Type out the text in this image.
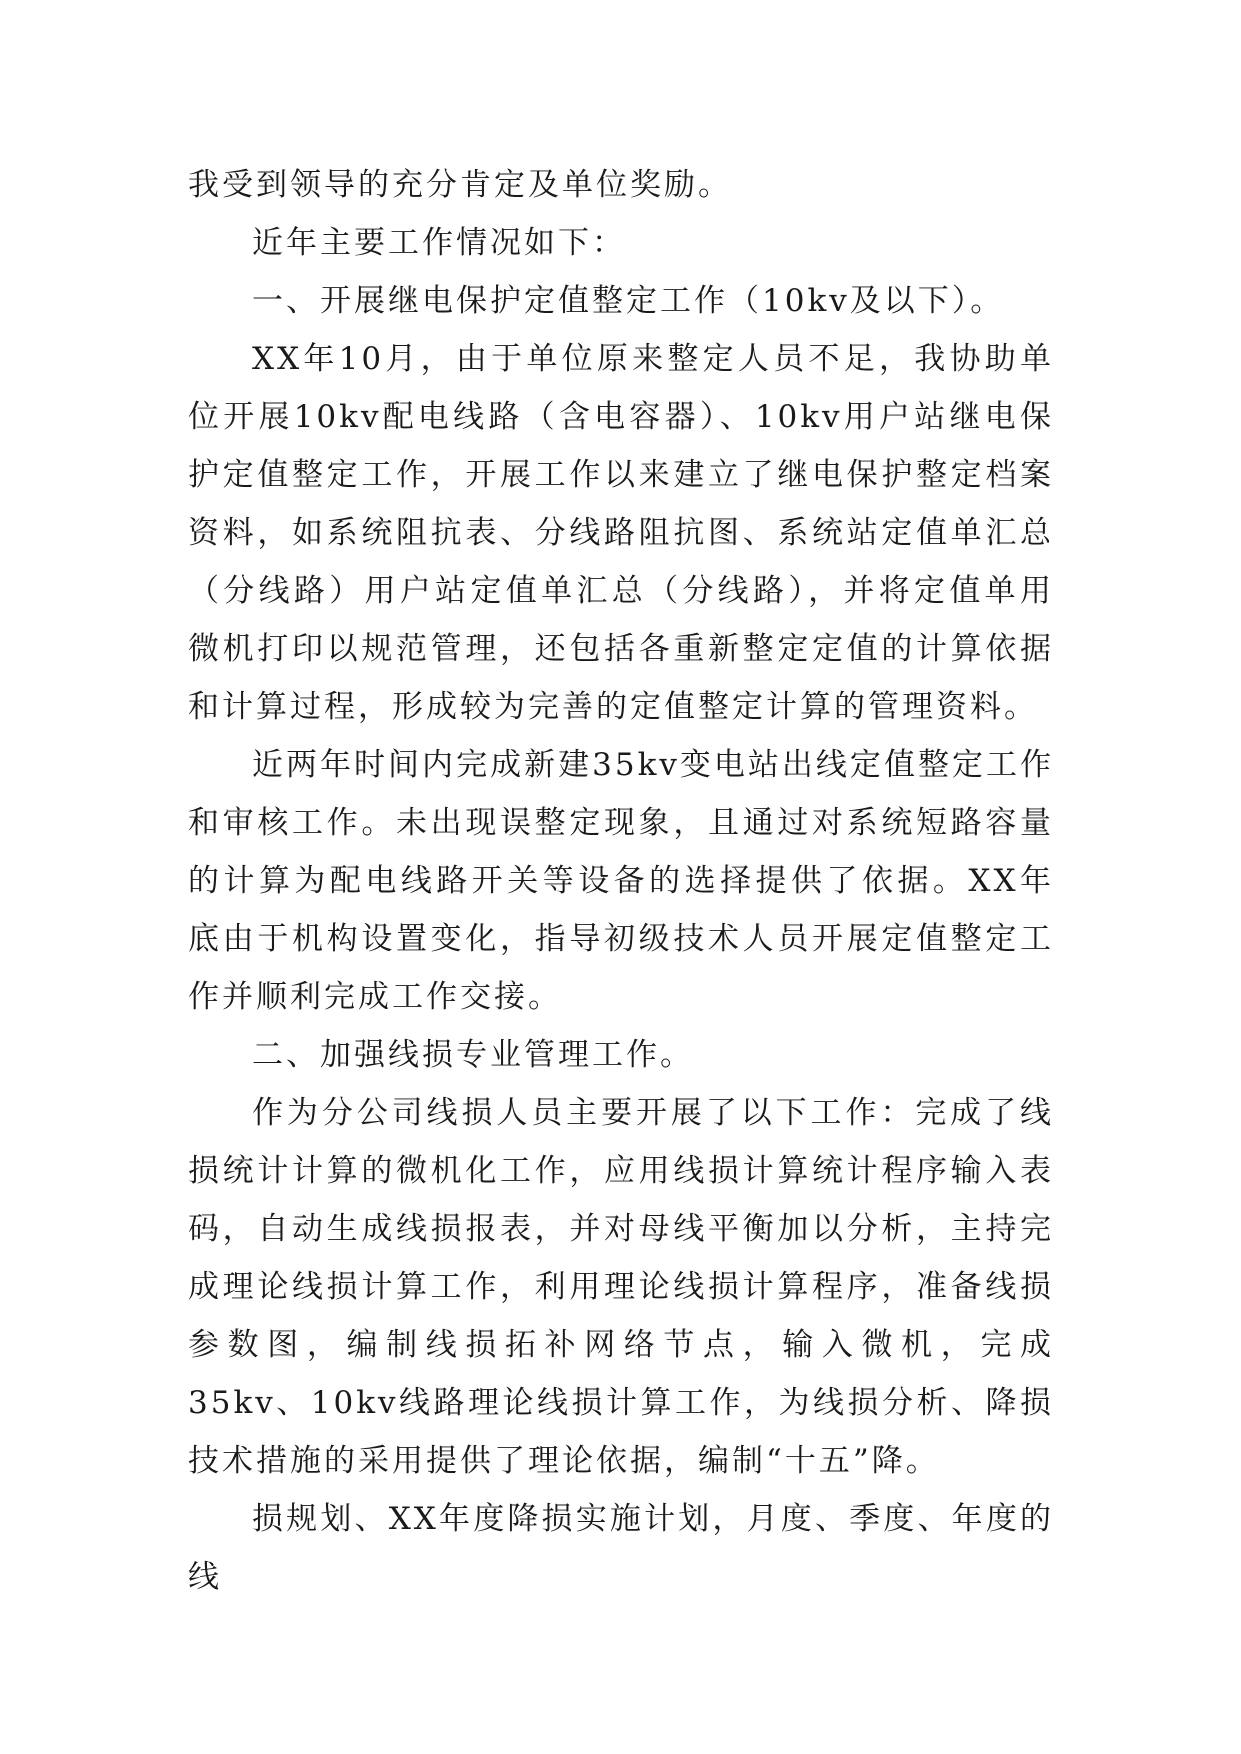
我受到领导的充分肯定及单位奖励。

近年主要工作情况如下：

一、开展继电保护定值整定工作（10kv及以下）。

XX年10月，由于单位原来整定人员不足，我协助单位开展10kv配电线路（含电容器）、10kv用户站继电保护定值整定工作，开展工作以来建立了继电保护整定档案资料，如系统阻抗表、分线路阻抗图、系统站定值单汇总（分线路）用户站定值单汇总（分线路），并将定值单用微机打印以规范管理，还包括各重新整定定值的计算依据和计算过程，形成较为完善的定值整定计算的管理资料。

近两年时间内完成新建35kv变电站出线定值整定工作和审核工作。未出现误整定现象，且通过对系统短路容量的计算为配电线路开关等设备的选择提供了依据。XX年底由于机构设置变化，指导初级技术人员开展定值整定工作并顺利完成工作交接。

二、加强线损专业管理工作。

作为分公司线损人员主要开展了以下工作：完成了线损统计计算的微机化工作，应用线损计算统计程序输入表码，自动生成线损报表，并对母线平衡加以分析，主持完成理论线损计算工作，利用理论线损计算程序，准备线损参数图，编制线损拓补网络节点，输入微机，完成35kv、10kv线路理论线损计算工作，为线损分析、降损技术措施的采用提供了理论依据，编制“十五”降。

损规划、XX年度降损实施计划，月度、季度、年度的线
